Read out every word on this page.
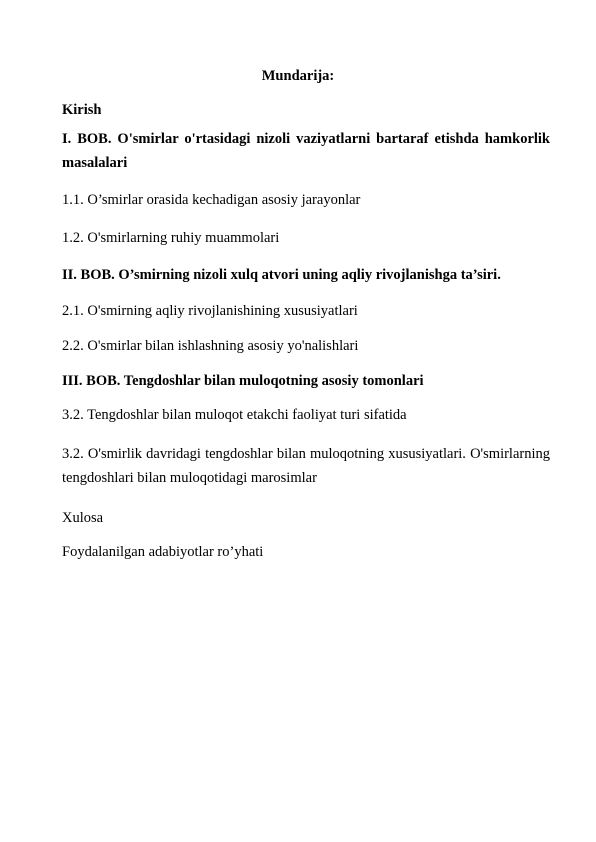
Mundarija:
Kirish
I. BOB. O'smirlar o'rtasidagi nizoli vaziyatlarni bartaraf etishda hamkorlik masalalari
1.1. O’smirlar orasida kechadigan asosiy jarayonlar
1.2. O'smirlarning ruhiy muammolari
II. BOB. O’smirning nizoli xulq atvori uning aqliy rivojlanishga ta’siri.
2.1. O'smirning aqliy rivojlanishining xususiyatlari
2.2. O'smirlar bilan ishlashning asosiy yo'nalishlari
III. BOB. Tengdoshlar bilan muloqotning asosiy tomonlari
3.2. Tengdoshlar bilan muloqot etakchi faoliyat turi sifatida
3.2. O'smirlik davridagi tengdoshlar bilan muloqotning xususiyatlari. O'smirlarning tengdoshlari bilan muloqotidagi marosimlar
Xulosa
Foydalanilgan adabiyotlar ro’yhati
